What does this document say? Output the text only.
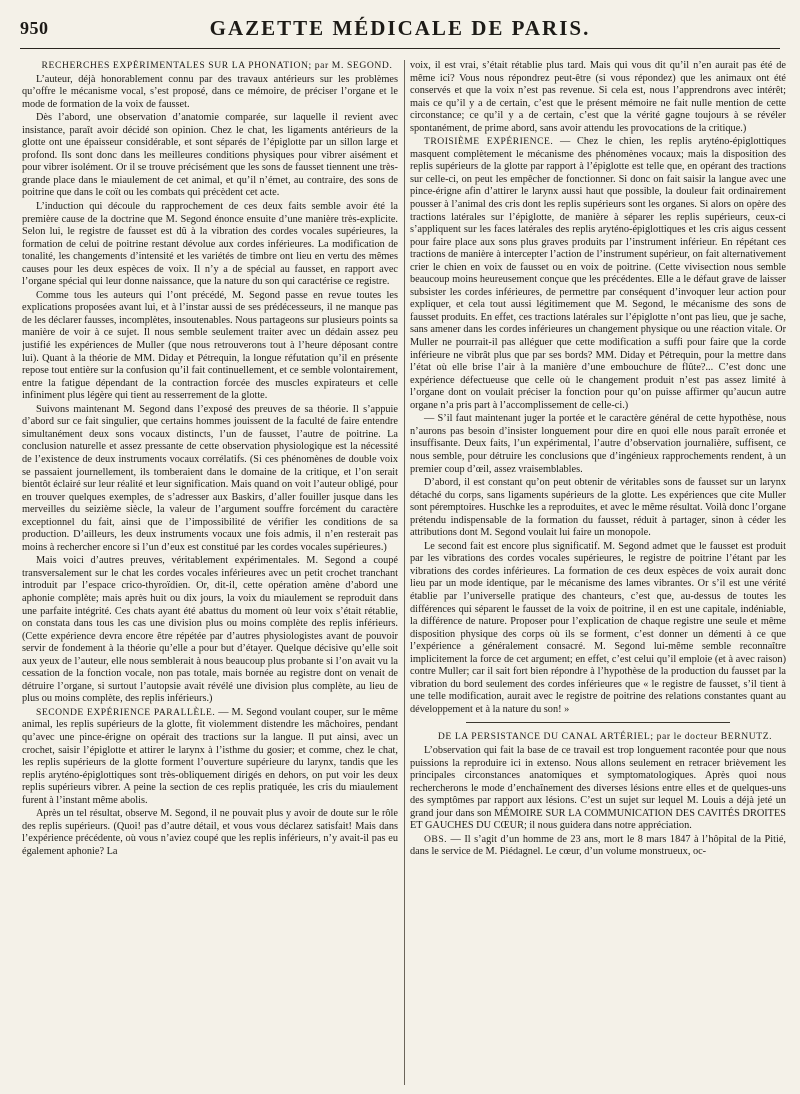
950	GAZETTE MÉDICALE DE PARIS.

RECHERCHES EXPÉRIMENTALES SUR LA PHONATION; par M. SEGOND.

L’auteur, déjà honorablement connu par des travaux antérieurs sur les problèmes qu’offre le mécanisme vocal, s’est proposé, dans ce mémoire, de préciser l’organe et le mode de formation de la voix de fausset.

Dès l’abord, une observation d’anatomie comparée, sur laquelle il revient avec insistance, paraît avoir décidé son opinion. Chez le chat, les ligaments antérieurs de la glotte ont une épaisseur considérable, et sont séparés de l’épiglotte par un sillon large et profond. Ils sont donc dans les meilleures conditions physiques pour vibrer aisément et pour vibrer isolément. Or il se trouve précisément que les sons de fausset tiennent une très-grande place dans le miaulement de cet animal, et qu’il n’émet, au contraire, des sons de poitrine que dans le coït ou les combats qui précèdent cet acte.

L’induction qui découle du rapprochement de ces deux faits semble avoir été la première cause de la doctrine que M. Segond énonce ensuite d’une manière très-explicite. Selon lui, le registre de fausset est dû à la vibration des cordes vocales supérieures, la formation de celui de poitrine restant dévolue aux cordes inférieures. La modification de tonalité, les changements d’intensité et les variétés de timbre ont lieu en vertu des mêmes causes pour les deux espèces de voix. Il n’y a de spécial au fausset, en rapport avec l’organe spécial qui leur donne naissance, que la nature du son qui caractérise ce registre.

Comme tous les auteurs qui l’ont précédé, M. Segond passe en revue toutes les explications proposées avant lui, et à l’instar aussi de ses prédécesseurs, il ne manque pas de les déclarer fausses, incomplètes, insoutenables. Nous partageons sur plusieurs points sa manière de voir à ce sujet. Il nous semble seulement traiter avec un dédain assez peu justifié les expériences de Muller (que nous retrouverons tout à l’heure déposant contre lui). Quant à la théorie de MM. Diday et Pétrequin, la longue réfutation qu’il en présente repose tout entière sur la confusion qu’il fait continuellement, et ce semble volontairement, entre la fatigue dépendant de la contraction forcée des muscles expirateurs et celle infiniment plus légère qui tient au resserrement de la glotte.

Suivons maintenant M. Segond dans l’exposé des preuves de sa théorie. Il s’appuie d’abord sur ce fait singulier, que certains hommes jouissent de la faculté de faire entendre simultanément deux sons vocaux distincts, l’un de fausset, l’autre de poitrine. La conclusion naturelle et assez pressante de cette observation physiologique est la nécessité de l’existence de deux instruments vocaux corrélatifs. (Si ces phénomènes de double voix se passaient journellement, ils tomberaient dans le domaine de la critique, et l’on serait bientôt éclairé sur leur réalité et leur signification. Mais quand on voit l’auteur obligé, pour en trouver quelques exemples, de s’adresser aux Baskirs, d’aller fouiller jusque dans les merveilles du seizième siècle, la valeur de l’argument souffre forcément du caractère exceptionnel du fait, ainsi que de l’impossibilité de vérifier les conditions de sa production. D’ailleurs, les deux instruments vocaux une fois admis, il n’en resterait pas moins à rechercher encore si l’un d’eux est constitué par les cordes vocales supérieures.)

Mais voici d’autres preuves, véritablement expérimentales. M. Segond a coupé transversalement sur le chat les cordes vocales inférieures avec un petit crochet tranchant introduit par l’espace crico-thyroïdien. Or, dit-il, cette opération amène d’abord une aphonie complète; mais après huit ou dix jours, la voix du miaulement se reproduit dans une parfaite intégrité. Ces chats ayant été abattus du moment où leur voix s’était rétablie, on constata dans tous les cas une division plus ou moins complète des replis inférieurs. (Cette expérience devra encore être répétée par d’autres physiologistes avant de pouvoir servir de fondement à la théorie qu’elle a pour but d’étayer. Quelque décisive qu’elle soit aux yeux de l’auteur, elle nous semblerait à nous beaucoup plus probante si l’on avait vu la cessation de la fonction vocale, non pas totale, mais bornée au registre dont on venait de détruire l’organe, si surtout l’autopsie avait révélé une division plus complète, au lieu de plus ou moins complète, des replis inférieurs.)

SECONDE EXPÉRIENCE PARALLÈLE. — M. Segond voulant couper, sur le même animal, les replis supérieurs de la glotte, fit violemment distendre les mâchoires, pendant qu’avec une pince-érigne on opérait des tractions sur la langue. Il put ainsi, avec un crochet, saisir l’épiglotte et attirer le larynx à l’isthme du gosier; et comme, chez le chat, les replis supérieurs de la glotte forment l’ouverture supérieure du larynx, tandis que les replis aryténo-épiglottiques sont très-obliquement dirigés en dehors, on put voir les deux replis supérieurs vibrer. A peine la section de ces replis pratiquée, les cris du miaulement furent à l’instant même abolis.

Après un tel résultat, observe M. Segond, il ne pouvait plus y avoir de doute sur le rôle des replis supérieurs. (Quoi! pas d’autre détail, et vous vous déclarez satisfait! Mais dans l’expérience précédente, où vous n’aviez coupé que les replis inférieurs, n’y avait-il pas eu également aphonie? La

voix, il est vrai, s’était rétablie plus tard. Mais qui vous dit qu’il n’en aurait pas été de même ici? Vous nous répondrez peut-être (si vous répondez) que les animaux ont été conservés et que la voix n’est pas revenue. Si cela est, nous l’apprendrons avec intérêt; mais ce qu’il y a de certain, c’est que le présent mémoire ne fait nulle mention de cette circonstance; ce qu’il y a de certain, c’est que la vérité gagne toujours à se révéler spontanément, de prime abord, sans avoir attendu les provocations de la critique.)

TROISIÈME EXPÉRIENCE. — Chez le chien, les replis aryténo-épiglottiques masquent complètement le mécanisme des phénomènes vocaux; mais la disposition des replis supérieurs de la glotte par rapport à l’épiglotte est telle que, en opérant des tractions sur celle-ci, on peut les empêcher de fonctionner. Si donc on fait saisir la langue avec une pince-érigne afin d’attirer le larynx aussi haut que possible, la douleur fait ordinairement pousser à l’animal des cris dont les replis supérieurs sont les organes. Si alors on opère des tractions latérales sur l’épiglotte, de manière à séparer les replis supérieurs, ceux-ci s’appliquent sur les faces latérales des replis aryténo-épiglottiques et les cris aigus cessent pour faire place aux sons plus graves produits par l’instrument inférieur. En répétant ces tractions de manière à intercepter l’action de l’instrument supérieur, on fait alternativement crier le chien en voix de fausset ou en voix de poitrine. (Cette vivisection nous semble beaucoup moins heureusement conçue que les précédentes. Elle a le défaut grave de laisser subsister les cordes inférieures, de permettre par conséquent d’invoquer leur action pour expliquer, et cela tout aussi légitimement que M. Segond, le mécanisme des sons de fausset produits. En effet, ces tractions latérales sur l’épiglotte n’ont pas lieu, que je sache, sans amener dans les cordes inférieures un changement physique ou une réaction vitale. Or Muller ne pourrait-il pas alléguer que cette modification a suffi pour faire que la corde inférieure ne vibrât plus que par ses bords? MM. Diday et Pétrequin, pour la mettre dans l’état où elle brise l’air à la manière d’une embouchure de flûte?... C’est donc une expérience défectueuse que celle où le changement produit n’est pas assez limité à l’organe dont on voulait préciser la fonction pour qu’on puisse affirmer qu’aucun autre organe n’a pris part à l’accomplissement de celle-ci.)

— S’il faut maintenant juger la portée et le caractère général de cette hypothèse, nous n’aurons pas besoin d’insister longuement pour dire en quoi elle nous paraît erronée et insuffisante. Deux faits, l’un expérimental, l’autre d’observation journalière, suffisent, ce nous semble, pour détruire les conclusions que d’ingénieux rapprochements rendent, à un premier coup d’œil, assez vraisemblables.

D’abord, il est constant qu’on peut obtenir de véritables sons de fausset sur un larynx détaché du corps, sans ligaments supérieurs de la glotte. Les expériences que cite Muller sont péremptoires. Huschke les a reproduites, et avec le même résultat. Voilà donc l’organe prétendu indispensable de la formation du fausset, réduit à partager, sinon à céder les attributions dont M. Segond voulait lui faire un monopole.

Le second fait est encore plus significatif. M. Segond admet que le fausset est produit par les vibrations des cordes vocales supérieures, le registre de poitrine l’étant par les vibrations des cordes inférieures. La formation de ces deux espèces de voix aurait donc lieu par un mode identique, par le mécanisme des lames vibrantes. Or s’il est une vérité établie par l’universelle pratique des chanteurs, c’est que, au-dessus de toutes les différences qui séparent le fausset de la voix de poitrine, il en est une capitale, indéniable, la différence de nature. Proposer pour l’explication de chaque registre une seule et même disposition physique des corps où ils se forment, c’est donner un démenti à ce que l’expérience a généralement consacré. M. Segond lui-même semble reconnaître implicitement la force de cet argument; en effet, c’est celui qu’il emploie (et à avec raison) contre Muller; car il sait fort bien répondre à l’hypothèse de la production du fausset par la vibration du bord seulement des cordes inférieures que « le registre de fausset, s’il tient à une telle modification, aurait avec le registre de poitrine des relations constantes quant au développement et à la nature du son! »

DE LA PERSISTANCE DU CANAL ARTÉRIEL; par le docteur BERNUTZ.

L’observation qui fait la base de ce travail est trop longuement racontée pour que nous puissions la reproduire ici in extenso. Nous allons seulement en retracer brièvement les principales circonstances anatomiques et symptomatologiques. Après quoi nous rechercherons le mode d’enchaînement des diverses lésions entre elles et de quelques-uns des symptômes par rapport aux lésions. C’est un sujet sur lequel M. Louis a déjà jeté un grand jour dans son MÉMOIRE SUR LA COMMUNICATION DES CAVITÉS DROITES ET GAUCHES DU CŒUR; il nous guidera dans notre appréciation.

OBS. — Il s’agit d’un homme de 23 ans, mort le 8 mars 1847 à l’hôpital de la Pitié, dans le service de M. Piédagnel. Le cœur, d’un volume monstrueux, oc-
